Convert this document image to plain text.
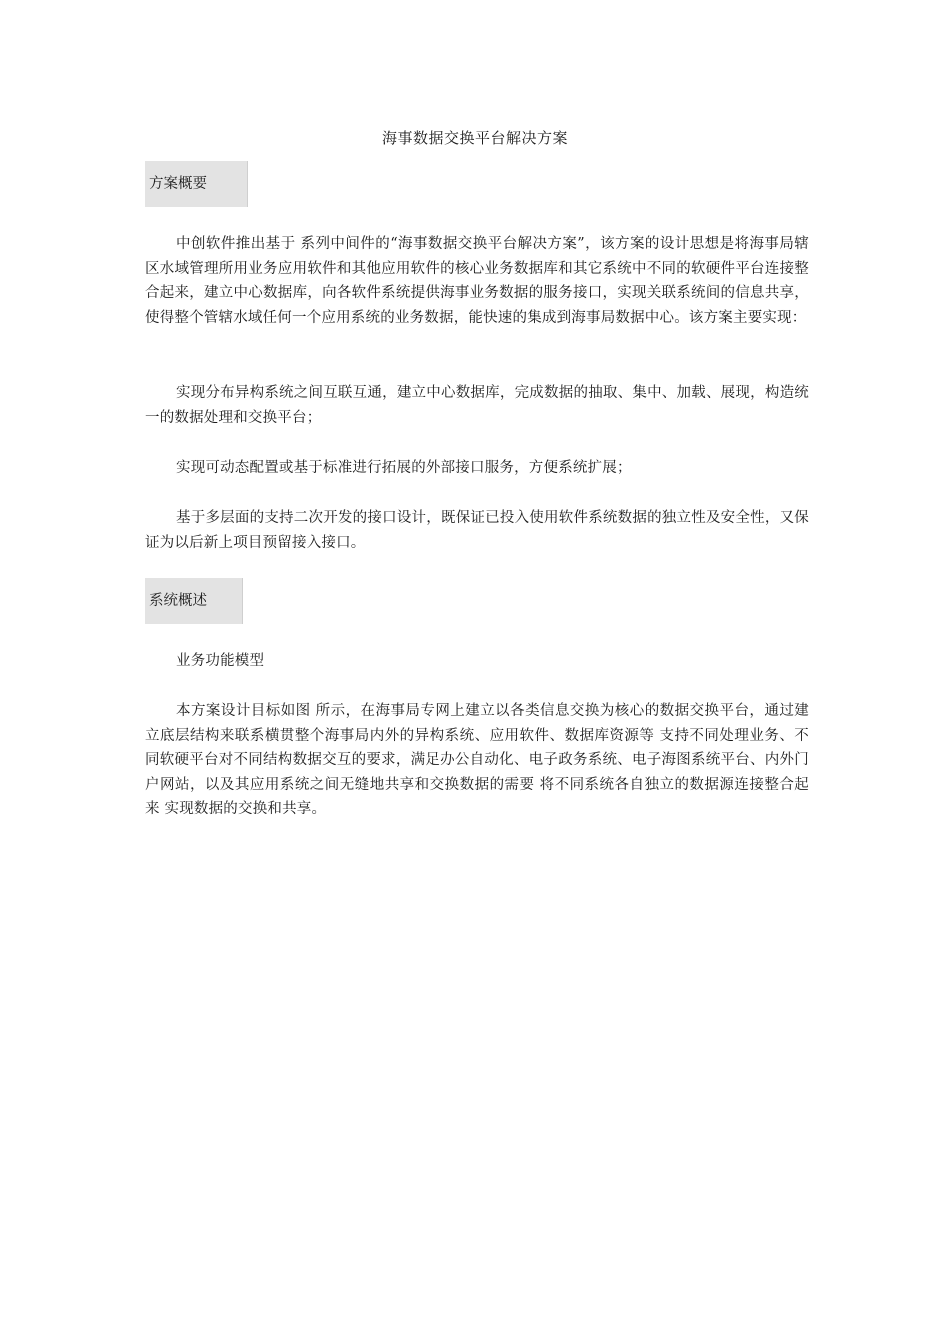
海事数据交换平台解决方案
方案概要

中创软件推出基于 系列中间件的“海事数据交换平台解决方案”，该方案的设计思想是将海事局辖区水域管理所用业务应用软件和其他应用软件的核心业务数据库和其它系统中不同的软硬件平台连接整合起来，建立中心数据库，向各软件系统提供海事业务数据的服务接口，实现关联系统间的信息共享，使得整个管辖水域任何一个应用系统的业务数据，能快速的集成到海事局数据中心。该方案主要实现：

实现分布异构系统之间互联互通，建立中心数据库，完成数据的抽取、集中、加载、展现，构造统一的数据处理和交换平台；

实现可动态配置或基于标准进行拓展的外部接口服务，方便系统扩展；

基于多层面的支持二次开发的接口设计，既保证已投入使用软件系统数据的独立性及安全性，又保证为以后新上项目预留接入接口。

系统概述

业务功能模型

本方案设计目标如图 所示，在海事局专网上建立以各类信息交换为核心的数据交换平台，通过建立底层结构来联系横贯整个海事局内外的异构系统、应用软件、数据库资源等 支持不同处理业务、不同软硬平台对不同结构数据交互的要求，满足办公自动化、电子政务系统、电子海图系统平台、内外门户网站，以及其应用系统之间无缝地共享和交换数据的需要 将不同系统各自独立的数据源连接整合起来 实现数据的交换和共享。
